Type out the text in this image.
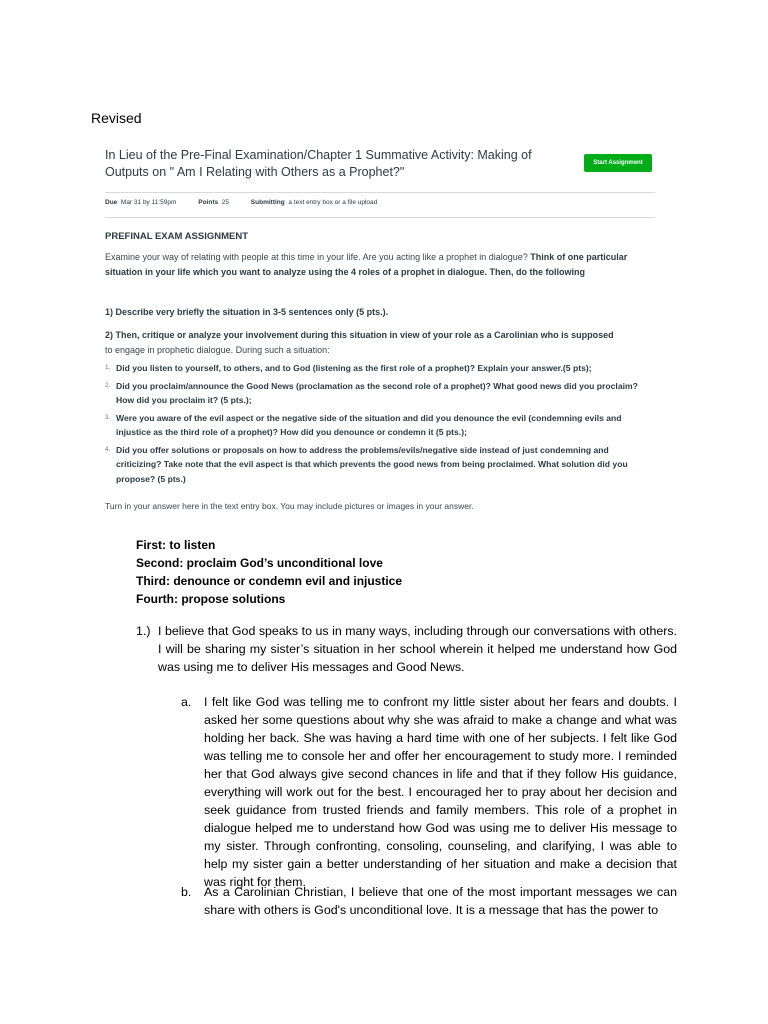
Revised
In Lieu of the Pre-Final Examination/Chapter 1 Summative Activity: Making of Outputs on " Am I Relating with Others as a Prophet?"
Start Assignment
Due Mar 31 by 11:59pm	Points 25	Submitting a text entry box or a file upload
PREFINAL EXAM ASSIGNMENT
Examine your way of relating with people at this time in your life. Are you acting like a prophet in dialogue? Think of one particular situation in your life which you want to analyze using the 4 roles of a prophet in dialogue. Then, do the following
1) Describe very briefly the situation in 3-5 sentences only (5 pts.).
2) Then, critique or analyze your involvement during this situation in view of your role as a Carolinian who is supposed
to engage in prophetic dialogue. During such a situation:
1. Did you listen to yourself, to others, and to God (listening as the first role of a prophet)? Explain your answer.(5 pts);
2. Did you proclaim/announce the Good News (proclamation as the second role of a prophet)? What good news did you proclaim? How did you proclaim it? (5 pts.);
3. Were you aware of the evil aspect or the negative side of the situation and did you denounce the evil (condemning evils and injustice as the third role of a prophet)? How did you denounce or condemn it (5 pts.);
4. Did you offer solutions or proposals on how to address the problems/evils/negative side instead of just condemning and criticizing? Take note that the evil aspect is that which prevents the good news from being proclaimed. What solution did you propose? (5 pts.)
Turn in your answer here in the text entry box. You may include pictures or images in your answer.
First: to listen
Second: proclaim God’s unconditional love
Third: denounce or condemn evil and injustice
Fourth: propose solutions
1.) I believe that God speaks to us in many ways, including through our conversations with others. I will be sharing my sister’s situation in her school wherein it helped me understand how God was using me to deliver His messages and Good News.
a. I felt like God was telling me to confront my little sister about her fears and doubts. I asked her some questions about why she was afraid to make a change and what was holding her back. She was having a hard time with one of her subjects. I felt like God was telling me to console her and offer her encouragement to study more. I reminded her that God always give second chances in life and that if they follow His guidance, everything will work out for the best. I encouraged her to pray about her decision and seek guidance from trusted friends and family members. This role of a prophet in dialogue helped me to understand how God was using me to deliver His message to my sister. Through confronting, consoling, counseling, and clarifying, I was able to help my sister gain a better understanding of her situation and make a decision that was right for them.
b. As a Carolinian Christian, I believe that one of the most important messages we can share with others is God's unconditional love. It is a message that has the power to
